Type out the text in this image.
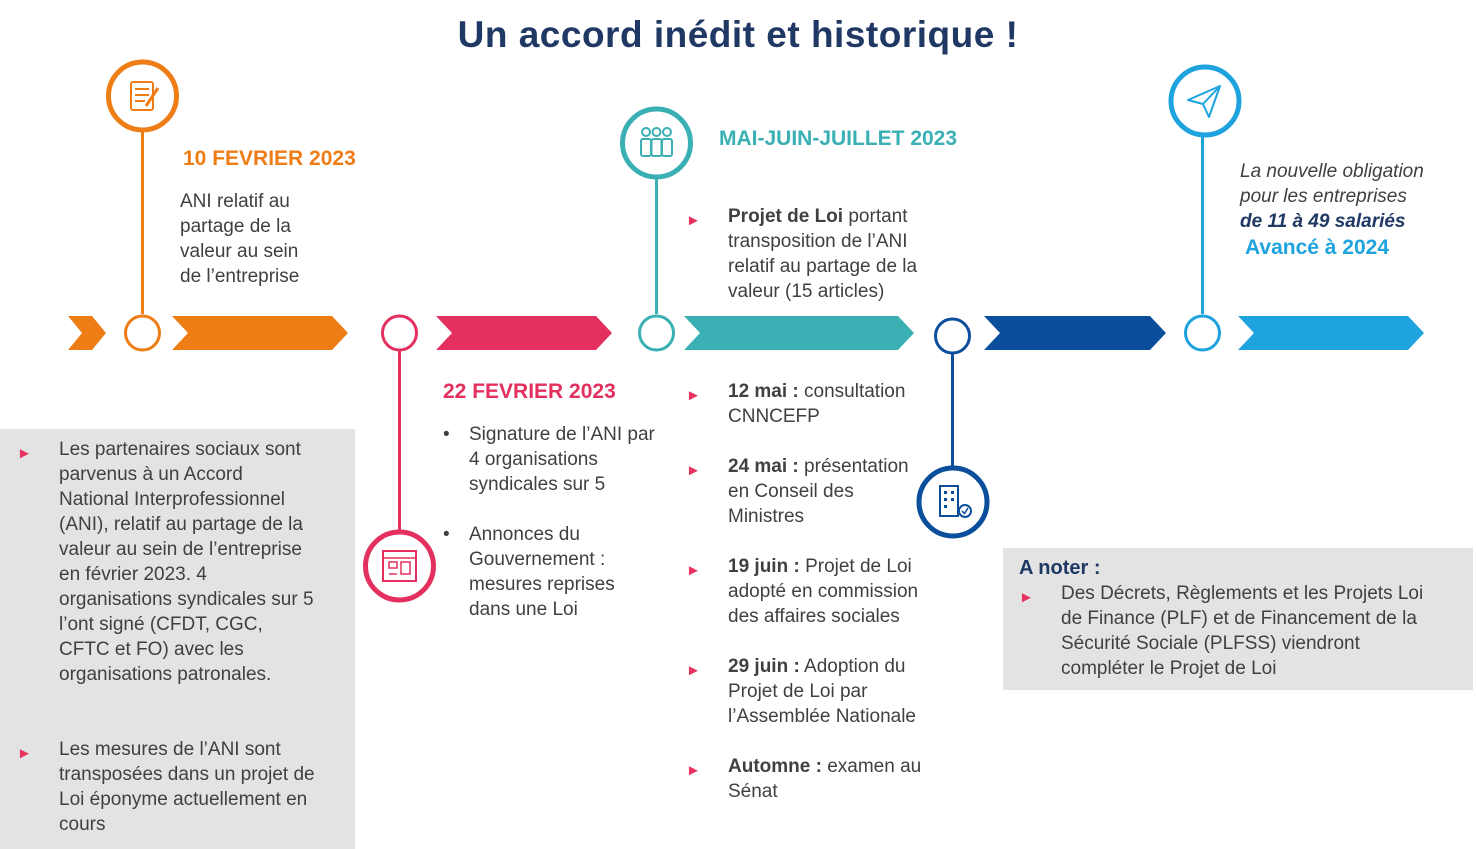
Un accord inédit et historique !
10 FEVRIER 2023
ANI relatif au
partage de la
valeur au sein
de l’entreprise
22 FEVRIER 2023
• Signature de l’ANI par
4 organisations
syndicales sur 5
• Annonces du
Gouvernement :
mesures reprises
dans une Loi
MAI-JUIN-JUILLET 2023
► Projet de Loi portant
transposition de l’ANI
relatif au partage de la
valeur (15 articles)
► 12 mai : consultation
CNNCEFP
► 24 mai : présentation
en Conseil des
Ministres
► 19 juin : Projet de Loi
adopté en commission
des affaires sociales
► 29 juin : Adoption du
Projet de Loi par
l’Assemblée Nationale
► Automne : examen au
Sénat
La nouvelle obligation
pour les entreprises
de 11 à 49 salariés
Avancé à 2024
► Les partenaires sociaux sont
parvenus à un Accord
National Interprofessionnel
(ANI), relatif au partage de la
valeur au sein de l’entreprise
en février 2023. 4
organisations syndicales sur 5
l’ont signé (CFDT, CGC,
CFTC et FO) avec les
organisations patronales.
► Les mesures de l’ANI sont
transposées dans un projet de
Loi éponyme actuellement en
cours
A noter :
► Des Décrets, Règlements et les Projets Loi
de Finance (PLF) et de Financement de la
Sécurité Sociale (PLFSS) viendront
compléter le Projet de Loi
